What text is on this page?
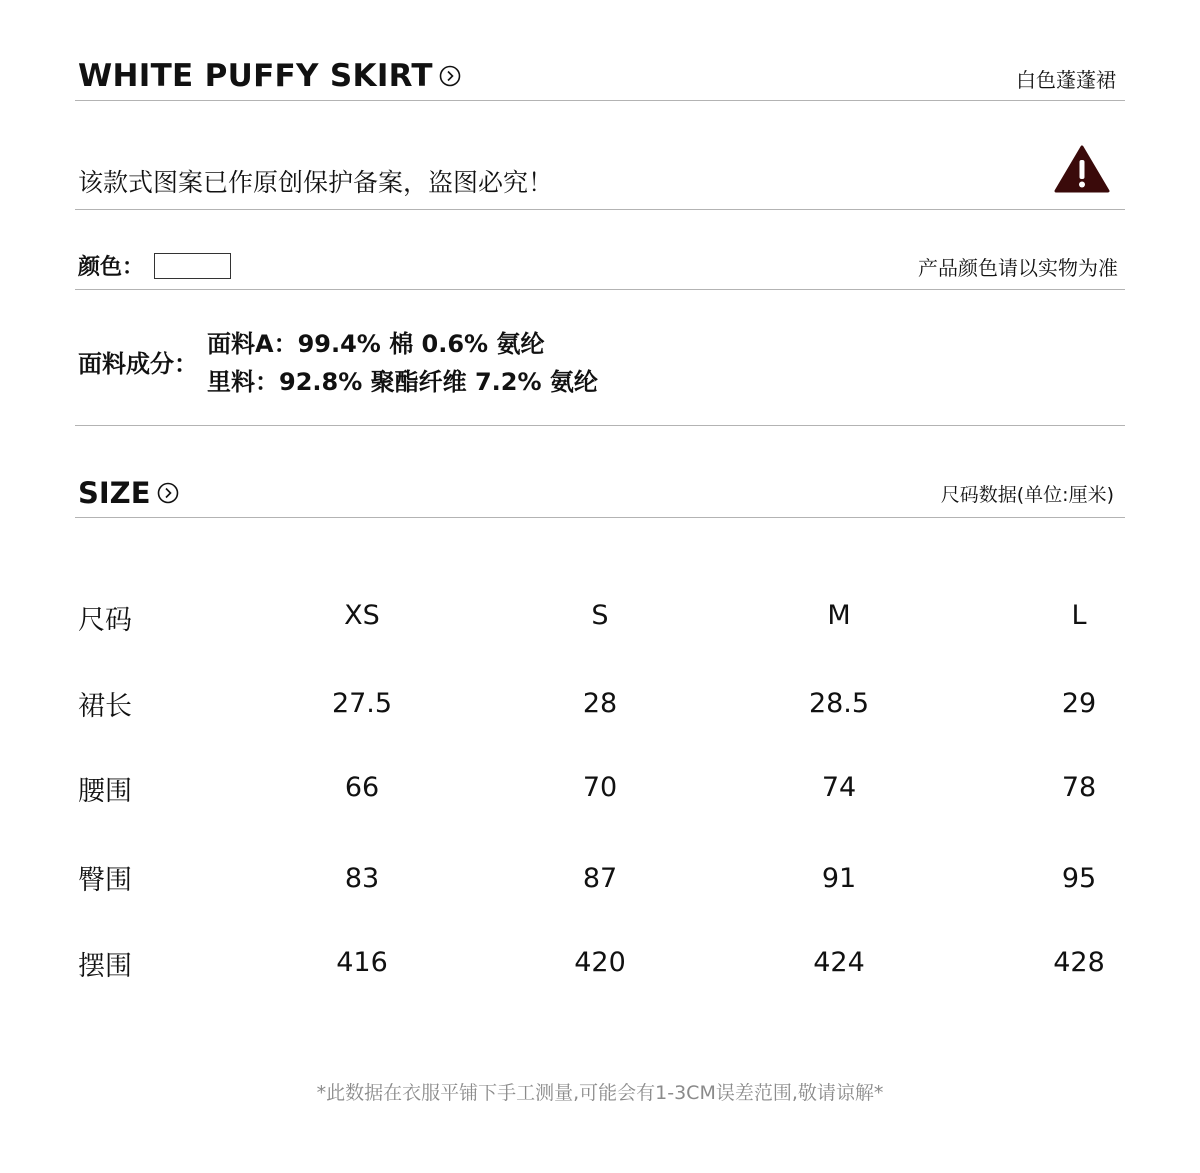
WHITE PUFFY SKIRT	白色蓬蓬裙
该款式图案已作原创保护备案，盗图必究！
颜色：	产品颜色请以实物为准
面料成分：
面料A：99.4% 棉 0.6% 氨纶
里料：92.8% 聚酯纤维 7.2% 氨纶
SIZE	尺码数据(单位:厘米)
尺码	XS	S	M	L
裙长	27.5	28	28.5	29
腰围	66	70	74	78
臀围	83	87	91	95
摆围	416	420	424	428
*此数据在衣服平铺下手工测量,可能会有1-3CM误差范围,敬请谅解*
